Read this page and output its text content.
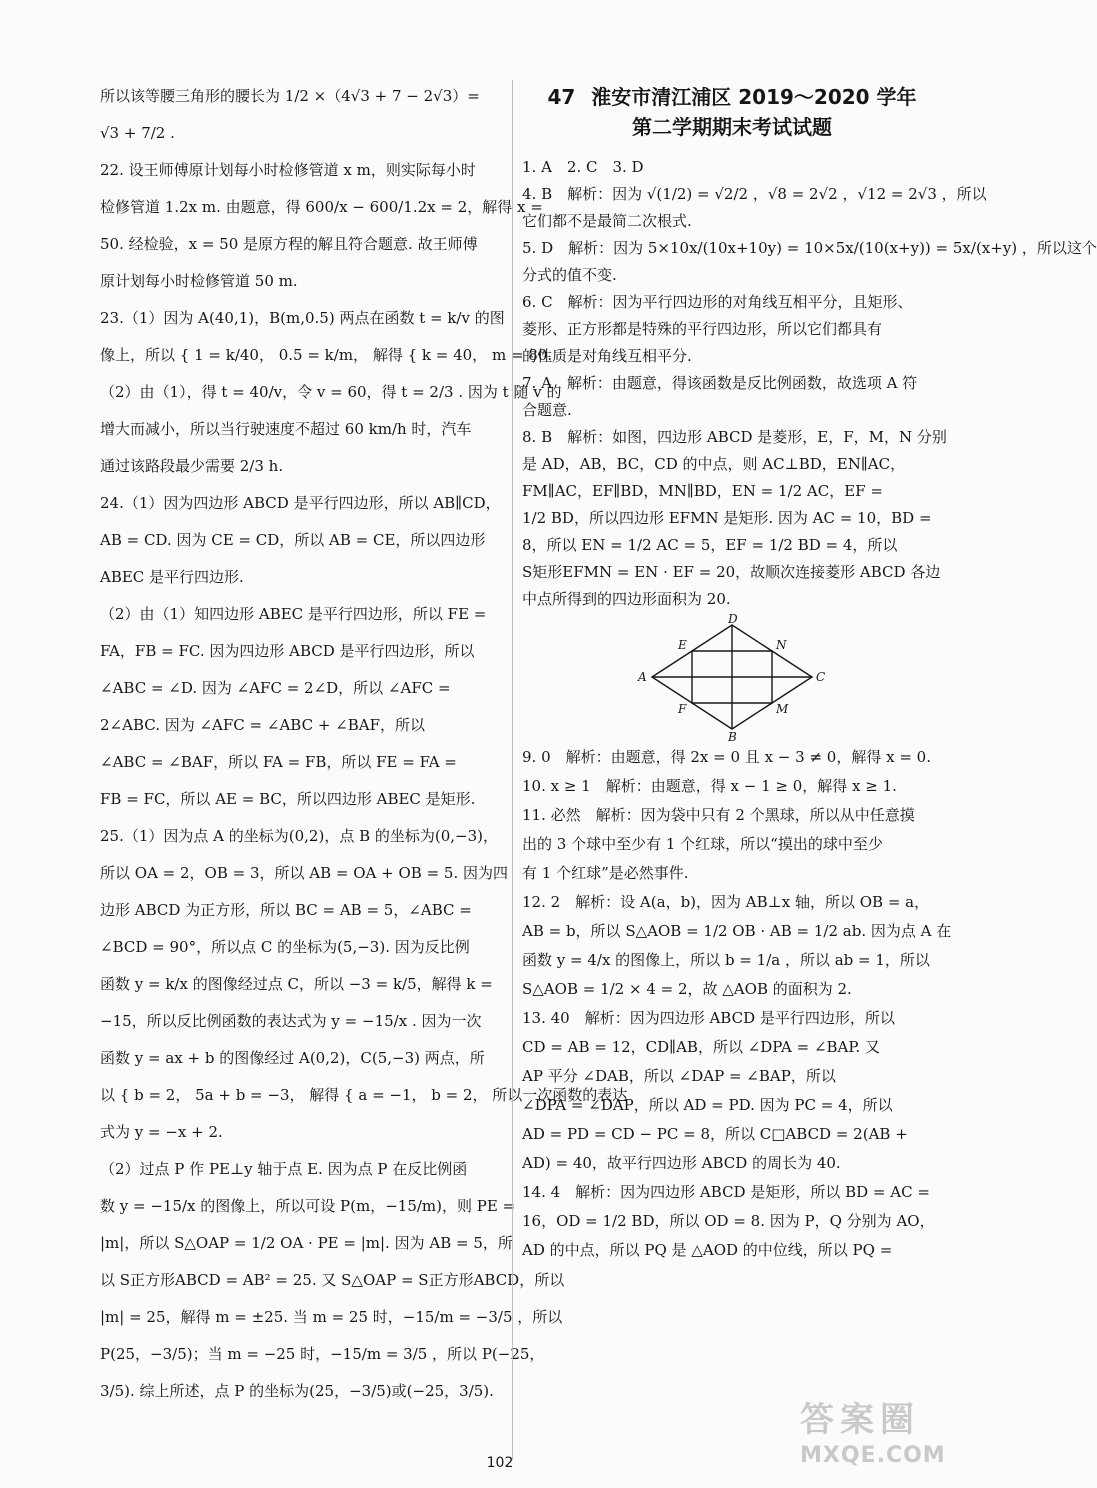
所以该等腰三角形的腰长为 1/2 ×（4√3 + 7 − 2√3）=
√3 + 7/2 .
22. 设王师傅原计划每小时检修管道 x m，则实际每小时
检修管道 1.2x m. 由题意，得 600/x − 600/1.2x = 2，解得 x =
50. 经检验，x = 50 是原方程的解且符合题意. 故王师傅
原计划每小时检修管道 50 m.
23.（1）因为 A(40,1)，B(m,0.5) 两点在函数 t = k/v 的图
像上，所以 { 1 = k/40， 0.5 = k/m， 解得 { k = 40， m = 80.
（2）由（1），得 t = 40/v，令 v = 60，得 t = 2/3 . 因为 t 随 v 的
增大而减小，所以当行驶速度不超过 60 km/h 时，汽车
通过该路段最少需要 2/3 h.
24.（1）因为四边形 ABCD 是平行四边形，所以 AB∥CD，
AB = CD. 因为 CE = CD，所以 AB = CE，所以四边形
ABEC 是平行四边形.
（2）由（1）知四边形 ABEC 是平行四边形，所以 FE =
FA，FB = FC. 因为四边形 ABCD 是平行四边形，所以
∠ABC = ∠D. 因为 ∠AFC = 2∠D，所以 ∠AFC =
2∠ABC. 因为 ∠AFC = ∠ABC + ∠BAF，所以
∠ABC = ∠BAF，所以 FA = FB，所以 FE = FA =
FB = FC，所以 AE = BC，所以四边形 ABEC 是矩形.
25.（1）因为点 A 的坐标为(0,2)，点 B 的坐标为(0,−3)，
所以 OA = 2，OB = 3，所以 AB = OA + OB = 5. 因为四
边形 ABCD 为正方形，所以 BC = AB = 5，∠ABC =
∠BCD = 90°，所以点 C 的坐标为(5,−3). 因为反比例
函数 y = k/x 的图像经过点 C，所以 −3 = k/5，解得 k =
−15，所以反比例函数的表达式为 y = −15/x . 因为一次
函数 y = ax + b 的图像经过 A(0,2)，C(5,−3) 两点，所
以 { b = 2， 5a + b = −3， 解得 { a = −1， b = 2， 所以一次函数的表达
式为 y = −x + 2.
（2）过点 P 作 PE⊥y 轴于点 E. 因为点 P 在反比例函
数 y = −15/x 的图像上，所以可设 P(m，−15/m)，则 PE =
|m|，所以 S△OAP = 1/2 OA · PE = |m|. 因为 AB = 5，所
以 S正方形ABCD = AB² = 25. 又 S△OAP = S正方形ABCD，所以
|m| = 25，解得 m = ±25. 当 m = 25 时，−15/m = −3/5 ，所以
P(25，−3/5)；当 m = −25 时，−15/m = 3/5 ，所以 P(−25，
3/5). 综上所述，点 P 的坐标为(25，−3/5)或(−25，3/5).
47 淮安市清江浦区 2019～2020 学年
第二学期期末考试试题
1. A　2. C　3. D
4. B　解析：因为 √(1/2) = √2/2 ，√8 = 2√2 ，√12 = 2√3 ，所以
它们都不是最简二次根式.
5. D　解析：因为 5×10x/(10x+10y) = 10×5x/(10(x+y)) = 5x/(x+y) ，所以这个
分式的值不变.
6. C　解析：因为平行四边形的对角线互相平分，且矩形、
菱形、正方形都是特殊的平行四边形，所以它们都具有
的性质是对角线互相平分.
7. A　解析：由题意，得该函数是反比例函数，故选项 A 符
合题意.
8. B　解析：如图，四边形 ABCD 是菱形，E，F，M，N 分别
是 AD，AB，BC，CD 的中点，则 AC⊥BD，EN∥AC，
FM∥AC，EF∥BD，MN∥BD，EN = 1/2 AC，EF =
1/2 BD，所以四边形 EFMN 是矩形. 因为 AC = 10，BD =
8，所以 EN = 1/2 AC = 5，EF = 1/2 BD = 4，所以
S矩形EFMN = EN · EF = 20，故顺次连接菱形 ABCD 各边
中点所得到的四边形面积为 20.
A	C
D
B
E	N
F	M
9. 0　解析：由题意，得 2x = 0 且 x − 3 ≠ 0，解得 x = 0.
10. x ≥ 1　解析：由题意，得 x − 1 ≥ 0，解得 x ≥ 1.
11. 必然　解析：因为袋中只有 2 个黑球，所以从中任意摸
出的 3 个球中至少有 1 个红球，所以“摸出的球中至少
有 1 个红球”是必然事件.
12. 2　解析：设 A(a，b)，因为 AB⊥x 轴，所以 OB = a，
AB = b，所以 S△AOB = 1/2 OB · AB = 1/2 ab. 因为点 A 在
函数 y = 4/x 的图像上，所以 b = 1/a ，所以 ab = 1，所以
S△AOB = 1/2 × 4 = 2，故 △AOB 的面积为 2.
13. 40　解析：因为四边形 ABCD 是平行四边形，所以
CD = AB = 12，CD∥AB，所以 ∠DPA = ∠BAP. 又
AP 平分 ∠DAB，所以 ∠DAP = ∠BAP，所以
∠DPA = ∠DAP，所以 AD = PD. 因为 PC = 4，所以
AD = PD = CD − PC = 8，所以 C□ABCD = 2(AB +
AD) = 40，故平行四边形 ABCD 的周长为 40.
14. 4　解析：因为四边形 ABCD 是矩形，所以 BD = AC =
16，OD = 1/2 BD，所以 OD = 8. 因为 P，Q 分别为 AO，
AD 的中点，所以 PQ 是 △AOD 的中位线，所以 PQ =
102
答案圈
MXQE.COM
